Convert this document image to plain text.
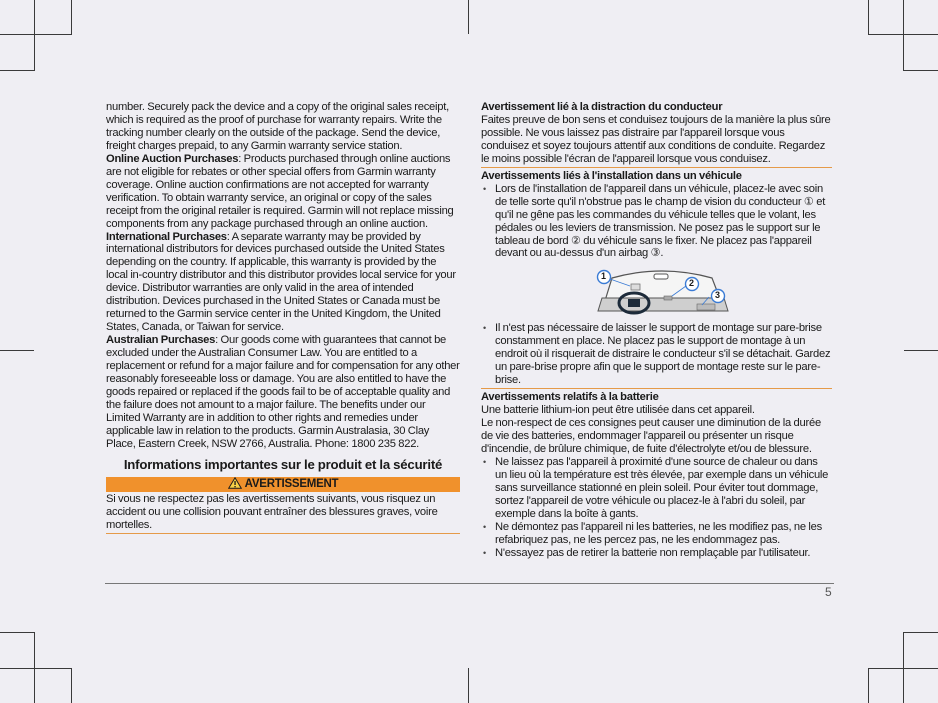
number. Securely pack the device and a copy of the original sales receipt, which is required as the proof of purchase for warranty repairs. Write the tracking number clearly on the outside of the package. Send the device, freight charges prepaid, to any Garmin warranty service station.

Online Auction Purchases: Products purchased through online auctions are not eligible for rebates or other special offers from Garmin warranty coverage. Online auction confirmations are not accepted for warranty verification. To obtain warranty service, an original or copy of the sales receipt from the original retailer is required. Garmin will not replace missing components from any package purchased through an online auction.

International Purchases: A separate warranty may be provided by international distributors for devices purchased outside the United States depending on the country. If applicable, this warranty is provided by the local in-country distributor and this distributor provides local service for your device. Distributor warranties are only valid in the area of intended distribution. Devices purchased in the United States or Canada must be returned to the Garmin service center in the United Kingdom, the United States, Canada, or Taiwan for service.

Australian Purchases: Our goods come with guarantees that cannot be excluded under the Australian Consumer Law. You are entitled to a replacement or refund for a major failure and for compensation for any other reasonably foreseeable loss or damage. You are also entitled to have the goods repaired or replaced if the goods fail to be of acceptable quality and the failure does not amount to a major failure. The benefits under our Limited Warranty are in addition to other rights and remedies under applicable law in relation to the products. Garmin Australasia, 30 Clay Place, Eastern Creek, NSW 2766, Australia. Phone: 1800 235 822.

Informations importantes sur le produit et la sécurité
AVERTISSEMENT

Si vous ne respectez pas les avertissements suivants, vous risquez un accident ou une collision pouvant entraîner des blessures graves, voire mortelles.

Avertissement lié à la distraction du conducteur

Faites preuve de bon sens et conduisez toujours de la manière la plus sûre possible. Ne vous laissez pas distraire par l'appareil lorsque vous conduisez et soyez toujours attentif aux conditions de conduite. Regardez le moins possible l'écran de l'appareil lorsque vous conduisez.

Avertissements liés à l'installation dans un véhicule

• Lors de l'installation de l'appareil dans un véhicule, placez-le avec soin de telle sorte qu'il n'obstrue pas le champ de vision du conducteur ① et qu'il ne gêne pas les commandes du véhicule telles que le volant, les pédales ou les leviers de transmission. Ne posez pas le support sur le tableau de bord ② du véhicule sans le fixer. Ne placez pas l'appareil devant ou au-dessus d'un airbag ③.
1
2
3
• Il n'est pas nécessaire de laisser le support de montage sur pare-brise constamment en place. Ne placez pas le support de montage à un endroit où il risquerait de distraire le conducteur s'il se détachait. Gardez un pare-brise propre afin que le support de montage reste sur le pare-brise.

Avertissements relatifs à la batterie

Une batterie lithium-ion peut être utilisée dans cet appareil.

Le non-respect de ces consignes peut causer une diminution de la durée de vie des batteries, endommager l'appareil ou présenter un risque d'incendie, de brûlure chimique, de fuite d'électrolyte et/ou de blessure.

• Ne laissez pas l'appareil à proximité d'une source de chaleur ou dans un lieu où la température est très élevée, par exemple dans un véhicule sans surveillance stationné en plein soleil. Pour éviter tout dommage, sortez l'appareil de votre véhicule ou placez-le à l'abri du soleil, par exemple dans la boîte à gants.
• Ne démontez pas l'appareil ni les batteries, ne les modifiez pas, ne les refabriquez pas, ne les percez pas, ne les endommagez pas.
• N'essayez pas de retirer la batterie non remplaçable par l'utilisateur.
5
